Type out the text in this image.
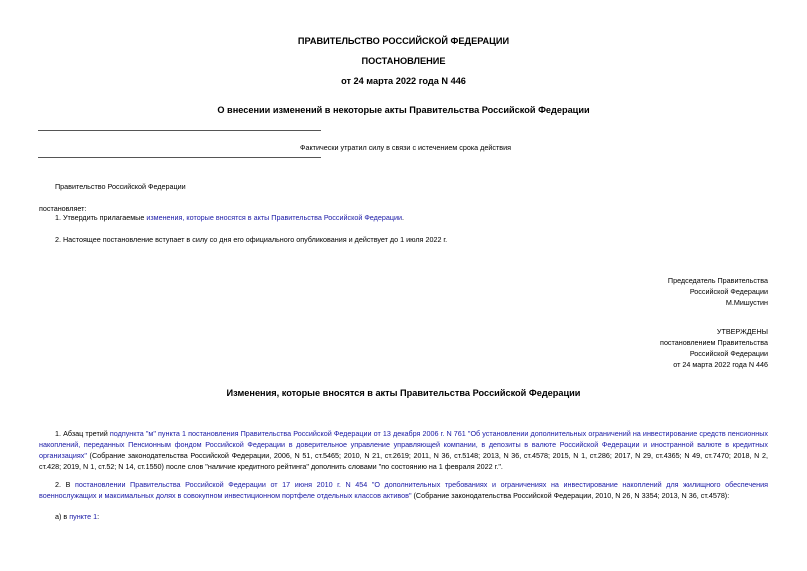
ПРАВИТЕЛЬСТВО РОССИЙСКОЙ ФЕДЕРАЦИИ
ПОСТАНОВЛЕНИЕ
от 24 марта 2022 года N 446
О внесении изменений в некоторые акты Правительства Российской Федерации
Фактически утратил силу в связи с истечением срока действия
Правительство Российской Федерации
постановляет:
1. Утвердить прилагаемые изменения, которые вносятся в акты Правительства Российской Федерации.
2. Настоящее постановление вступает в силу со дня его официального опубликования и действует до 1 июля 2022 г.
Председатель Правительства
Российской Федерации
М.Мишустин
УТВЕРЖДЕНЫ
постановлением Правительства
Российской Федерации
от 24 марта 2022 года N 446
Изменения, которые вносятся в акты Правительства Российской Федерации
1. Абзац третий подпункта "м" пункта 1 постановления Правительства Российской Федерации от 13 декабря 2006 г. N 761 "Об установлении дополнительных ограничений на инвестирование средств пенсионных накоплений, переданных Пенсионным фондом Российской Федерации в доверительное управление управляющей компании, в депозиты в валюте Российской Федерации и иностранной валюте в кредитных организациях" (Собрание законодательства Российской Федерации, 2006, N 51, ст.5465; 2010, N 21, ст.2619; 2011, N 36, ст.5148; 2013, N 36, ст.4578; 2015, N 1, ст.286; 2017, N 29, ст.4365; N 49, ст.7470; 2018, N 2, ст.428; 2019, N 1, ст.52; N 14, ст.1550) после слов "наличие кредитного рейтинга" дополнить словами "по состоянию на 1 февраля 2022 г.".
2. В постановлении Правительства Российской Федерации от 17 июня 2010 г. N 454 "О дополнительных требованиях и ограничениях на инвестирование накоплений для жилищного обеспечения военнослужащих и максимальных долях в совокупном инвестиционном портфеле отдельных классов активов" (Собрание законодательства Российской Федерации, 2010, N 26, N 3354; 2013, N 36, ст.4578):
а) в пункте 1:
